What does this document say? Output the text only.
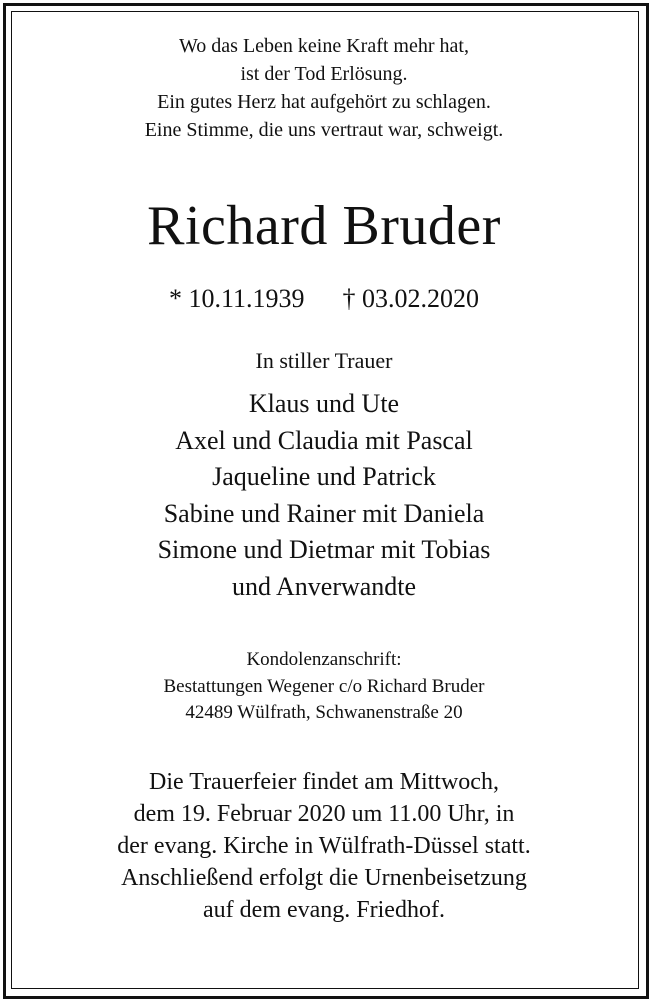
Wo das Leben keine Kraft mehr hat,
ist der Tod Erlösung.
Ein gutes Herz hat aufgehört zu schlagen.
Eine Stimme, die uns vertraut war, schweigt.
Richard Bruder
* 10.11.1939 † 03.02.2020
In stiller Trauer
Klaus und Ute
Axel und Claudia mit Pascal
Jaqueline und Patrick
Sabine und Rainer mit Daniela
Simone und Dietmar mit Tobias
und Anverwandte
Kondolenzanschrift:
Bestattungen Wegener c/o Richard Bruder
42489 Wülfrath, Schwanenstraße 20
Die Trauerfeier findet am Mittwoch,
dem 19. Februar 2020 um 11.00 Uhr, in
der evang. Kirche in Wülfrath-Düssel statt.
Anschließend erfolgt die Urnenbeisetzung
auf dem evang. Friedhof.
